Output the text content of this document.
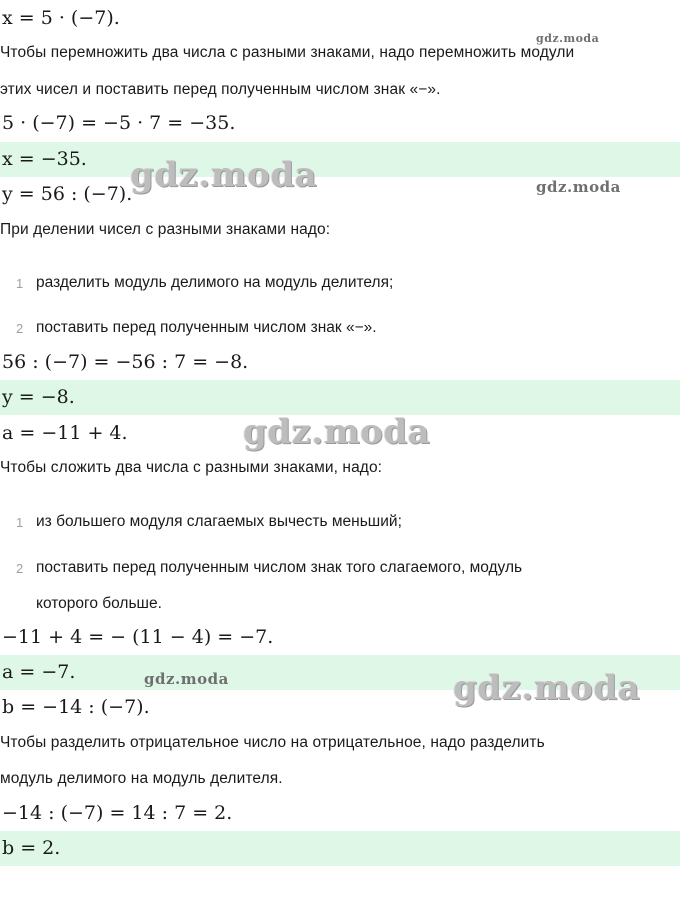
x = 5 · (−7).
Чтобы перемножить два числа с разными знаками, надо перемножить модули
этих чисел и поставить перед полученным числом знак «−».
5 · (−7) = −5 · 7 = −35.
x = −35.
y = 56 : (−7).
При делении чисел с разными знаками надо:
1 разделить модуль делимого на модуль делителя;
2 поставить перед полученным числом знак «−».
56 : (−7) = −56 : 7 = −8.
y = −8.
a = −11 + 4.
Чтобы сложить два числа с разными знаками, надо:
1 из большего модуля слагаемых вычесть меньший;
2 поставить перед полученным числом знак того слагаемого, модуль
которого больше.
−11 + 4 = − (11 − 4) = −7.
a = −7.
b = −14 : (−7).
Чтобы разделить отрицательное число на отрицательное, надо разделить
модуль делимого на модуль делителя.
−14 : (−7) = 14 : 7 = 2.
b = 2.
gdz.moda
gdz.moda	gdz.moda
gdz.moda
gdz.moda	gdz.moda
